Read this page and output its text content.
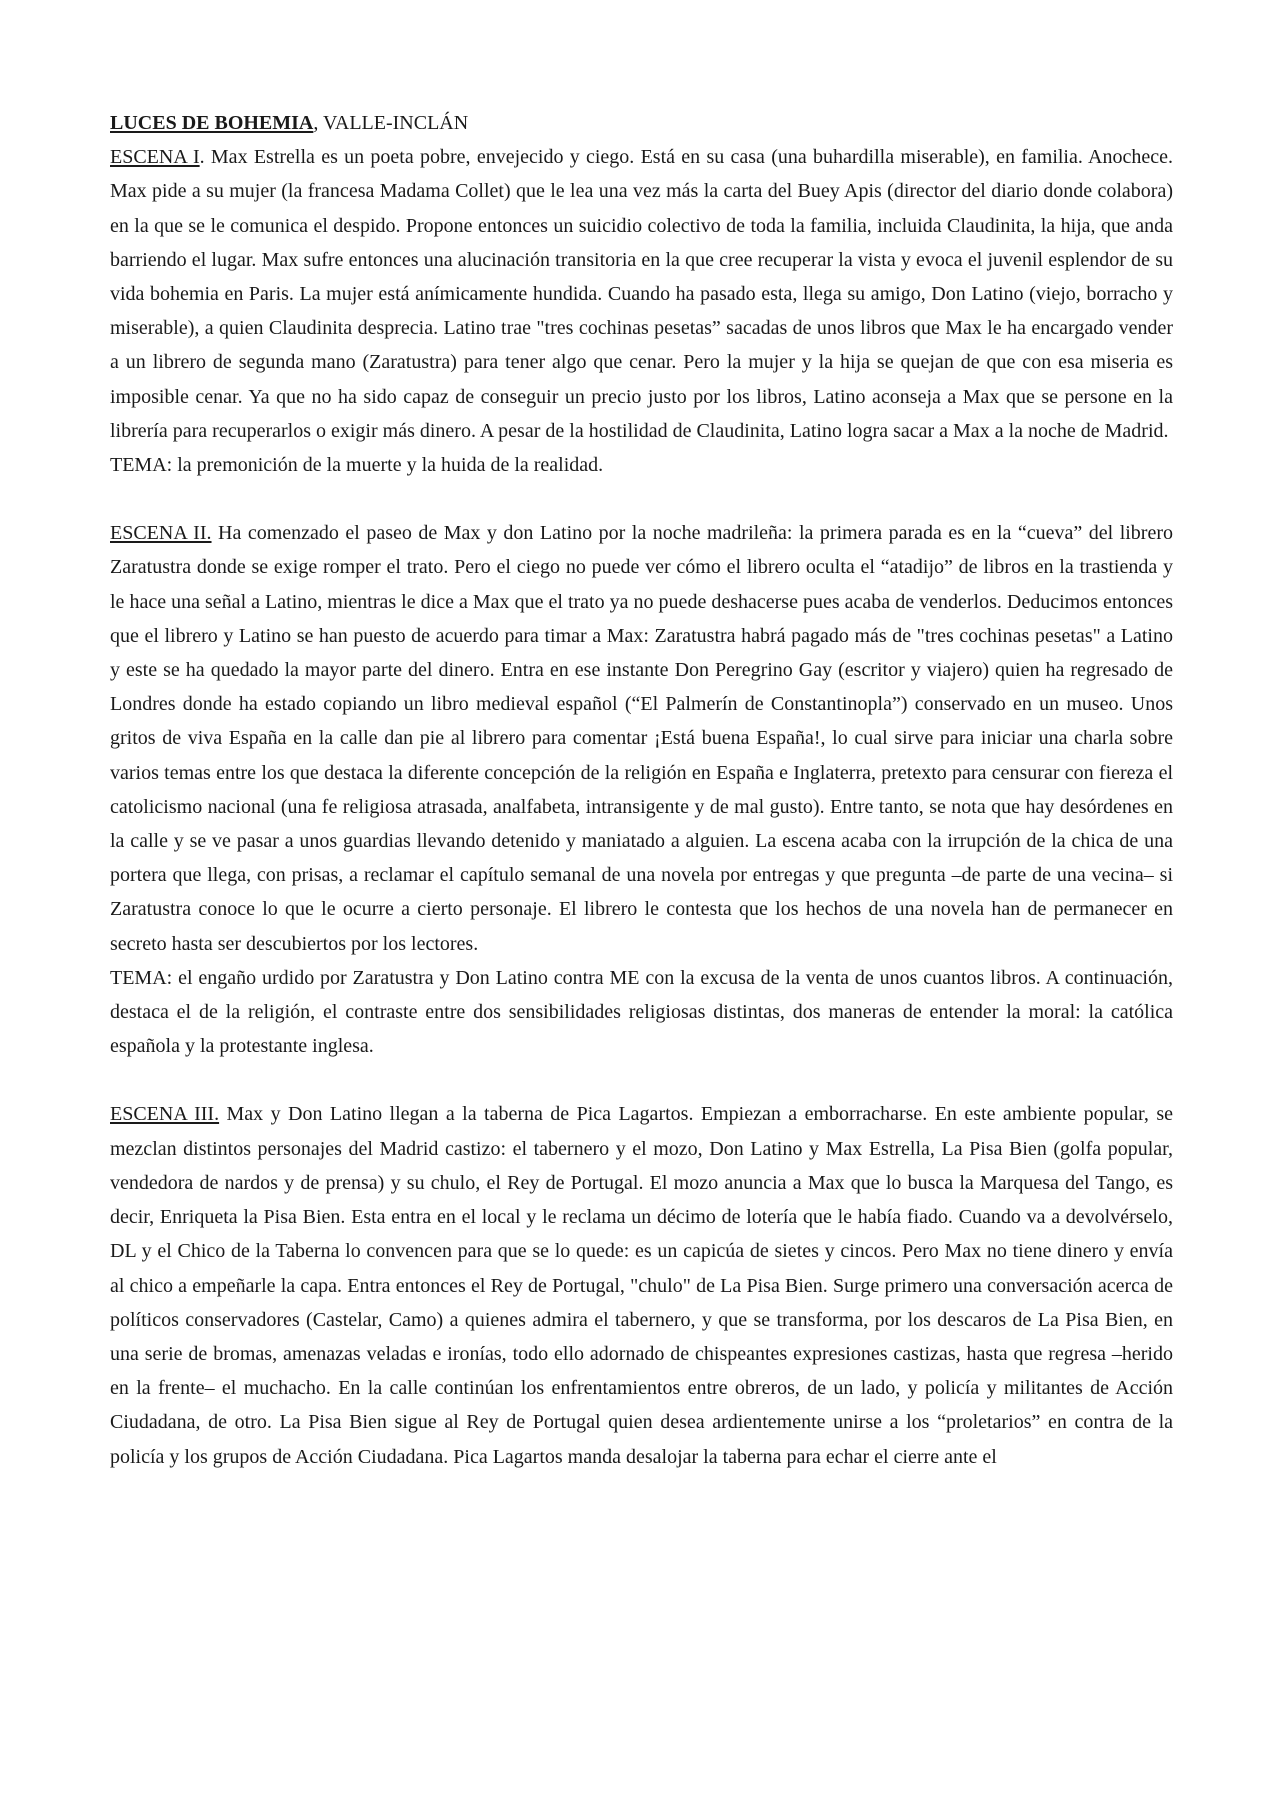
LUCES DE BOHEMIA, VALLE-INCLÁN
ESCENA I. Max Estrella es un poeta pobre, envejecido y ciego. Está en su casa (una buhardilla miserable), en familia. Anochece. Max pide a su mujer (la francesa Madama Collet) que le lea una vez más la carta del Buey Apis (director del diario donde colabora) en la que se le comunica el despido. Propone entonces un suicidio colectivo de toda la familia, incluida Claudinita, la hija, que anda barriendo el lugar. Max sufre entonces una alucinación transitoria en la que cree recuperar la vista y evoca el juvenil esplendor de su vida bohemia en Paris. La mujer está anímicamente hundida. Cuando ha pasado esta, llega su amigo, Don Latino (viejo, borracho y miserable), a quien Claudinita desprecia. Latino trae "tres cochinas pesetas” sacadas de unos libros que Max le ha encargado vender a un librero de segunda mano (Zaratustra) para tener algo que cenar. Pero la mujer y la hija se quejan de que con esa miseria es imposible cenar. Ya que no ha sido capaz de conseguir un precio justo por los libros, Latino aconseja a Max que se persone en la librería para recuperarlos o exigir más dinero. A pesar de la hostilidad de Claudinita, Latino logra sacar a Max a la noche de Madrid.

TEMA: la premonición de la muerte y la huida de la realidad.

ESCENA II. Ha comenzado el paseo de Max y don Latino por la noche madrileña: la primera parada es en la “cueva” del librero Zaratustra donde se exige romper el trato. Pero el ciego no puede ver cómo el librero oculta el “atadijo” de libros en la trastienda y le hace una señal a Latino, mientras le dice a Max que el trato ya no puede deshacerse pues acaba de venderlos. Deducimos entonces que el librero y Latino se han puesto de acuerdo para timar a Max: Zaratustra habrá pagado más de "tres cochinas pesetas" a Latino y este se ha quedado la mayor parte del dinero. Entra en ese instante Don Peregrino Gay (escritor y viajero) quien ha regresado de Londres donde ha estado copiando un libro medieval español (“El Palmerín de Constantinopla”) conservado en un museo. Unos gritos de viva España en la calle dan pie al librero para comentar ¡Está buena España!, lo cual sirve para iniciar una charla sobre varios temas entre los que destaca la diferente concepción de la religión en España e Inglaterra, pretexto para censurar con fiereza el catolicismo nacional (una fe religiosa atrasada, analfabeta, intransigente y de mal gusto). Entre tanto, se nota que hay desórdenes en la calle y se ve pasar a unos guardias llevando detenido y maniatado a alguien. La escena acaba con la irrupción de la chica de una portera que llega, con prisas, a reclamar el capítulo semanal de una novela por entregas y que pregunta –de parte de una vecina– si Zaratustra conoce lo que le ocurre a cierto personaje. El librero le contesta que los hechos de una novela han de permanecer en secreto hasta ser descubiertos por los lectores.

TEMA: el engaño urdido por Zaratustra y Don Latino contra ME con la excusa de la venta de unos cuantos libros. A continuación, destaca el de la religión, el contraste entre dos sensibilidades religiosas distintas, dos maneras de entender la moral: la católica española y la protestante inglesa.

ESCENA III. Max y Don Latino llegan a la taberna de Pica Lagartos. Empiezan a emborracharse. En este ambiente popular, se mezclan distintos personajes del Madrid castizo: el tabernero y el mozo, Don Latino y Max Estrella, La Pisa Bien (golfa popular, vendedora de nardos y de prensa) y su chulo, el Rey de Portugal. El mozo anuncia a Max que lo busca la Marquesa del Tango, es decir, Enriqueta la Pisa Bien. Esta entra en el local y le reclama un décimo de lotería que le había fiado. Cuando va a devolvérselo, DL y el Chico de la Taberna lo convencen para que se lo quede: es un capicúa de sietes y cincos. Pero Max no tiene dinero y envía al chico a empeñarle la capa. Entra entonces el Rey de Portugal, "chulo" de La Pisa Bien. Surge primero una conversación acerca de políticos conservadores (Castelar, Camo) a quienes admira el tabernero, y que se transforma, por los descaros de La Pisa Bien, en una serie de bromas, amenazas veladas e ironías, todo ello adornado de chispeantes expresiones castizas, hasta que regresa –herido en la frente– el muchacho. En la calle continúan los enfrentamientos entre obreros, de un lado, y policía y militantes de Acción Ciudadana, de otro. La Pisa Bien sigue al Rey de Portugal quien desea ardientemente unirse a los “proletarios” en contra de la policía y los grupos de Acción Ciudadana. Pica Lagartos manda desalojar la taberna para echar el cierre ante el
